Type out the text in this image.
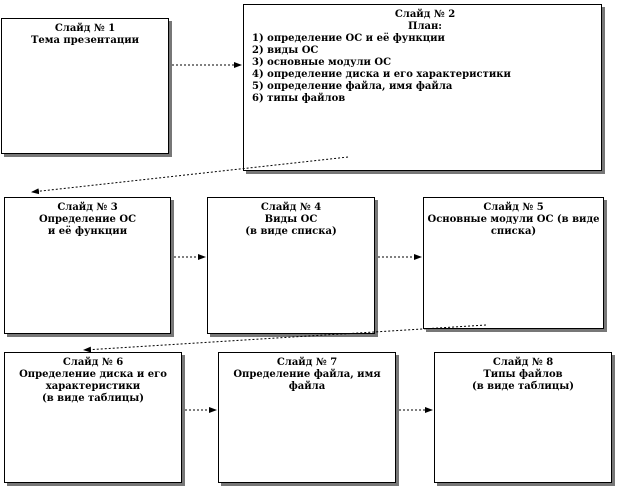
Слайд № 1
Тема презентации
Слайд № 2
План:
1) определение ОС и её функции
2) виды ОС
3) основные модули ОС
4) определение диска и его характеристики
5) определение файла, имя файла
6) типы файлов
Слайд № 3
Определение ОС
и её функции
Слайд № 4
Виды ОС
(в виде списка)
Слайд № 5
Основные модули ОС (в виде списка)
Слайд № 6
Определение диска и его характеристики
(в виде таблицы)
Слайд № 7
Определение файла, имя файла
Слайд № 8
Типы файлов
(в виде таблицы)
